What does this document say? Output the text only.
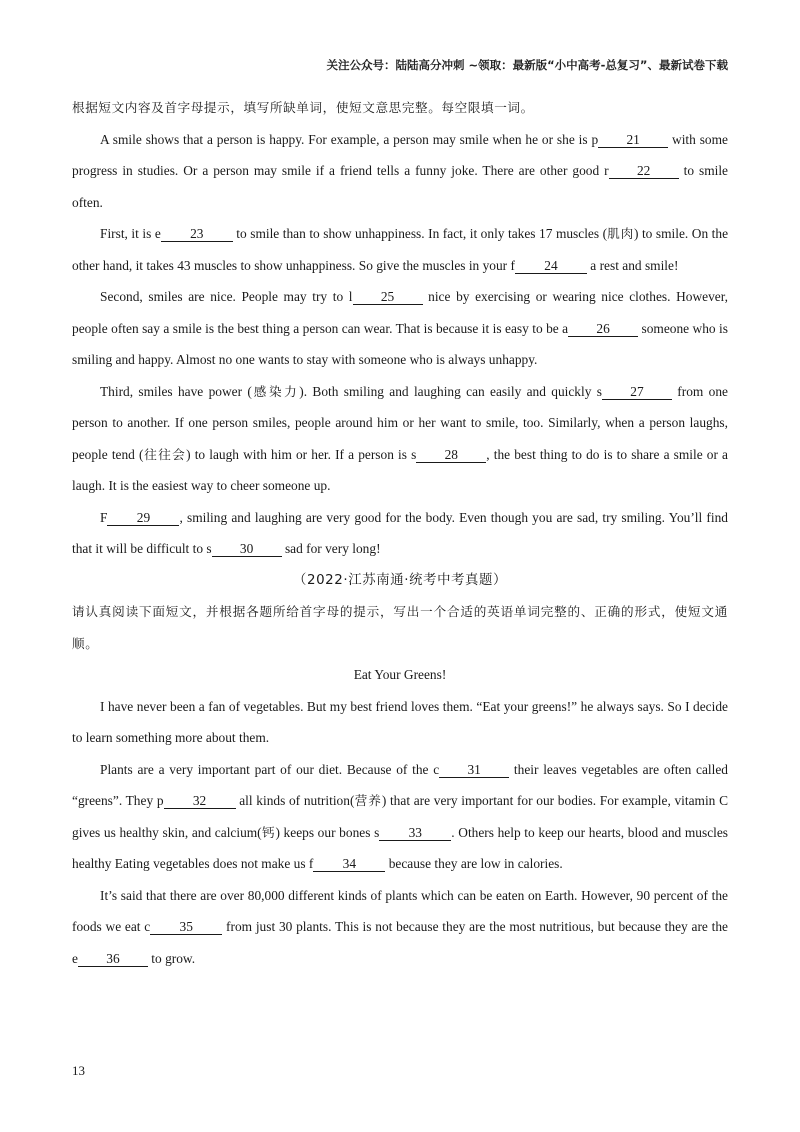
关注公众号：陆陆高分冲刺 ~领取：最新版“小中高考-总复习”、最新试卷下载

根据短文内容及首字母提示，填写所缺单词，使短文意思完整。每空限填一词。

A smile shows that a person is happy. For example, a person may smile when he or she is p 21 with some progress in studies. Or a person may smile if a friend tells a funny joke. There are other good r 22 to smile often.

First, it is e 23 to smile than to show unhappiness. In fact, it only takes 17 muscles (肌肉) to smile. On the other hand, it takes 43 muscles to show unhappiness. So give the muscles in your f 24 a rest and smile!

Second, smiles are nice. People may try to l 25 nice by exercising or wearing nice clothes. However, people often say a smile is the best thing a person can wear. That is because it is easy to be a 26 someone who is smiling and happy. Almost no one wants to stay with someone who is always unhappy.

Third, smiles have power (感染力). Both smiling and laughing can easily and quickly s 27 from one person to another. If one person smiles, people around him or her want to smile, too. Similarly, when a person laughs, people tend (往往会) to laugh with him or her. If a person is s 28 , the best thing to do is to share a smile or a laugh. It is the easiest way to cheer someone up.

F 29 , smiling and laughing are very good for the body. Even though you are sad, try smiling. You’ll find that it will be difficult to s 30 sad for very long!

（2022·江苏南通·统考中考真题）

请认真阅读下面短文，并根据各题所给首字母的提示，写出一个合适的英语单词完整的、正确的形式，使短文通顺。

Eat Your Greens!

I have never been a fan of vegetables. But my best friend loves them. “Eat your greens!” he always says. So I decide to learn something more about them.

Plants are a very important part of our diet. Because of the c 31 their leaves vegetables are often called “greens”. They p 32 all kinds of nutrition(营养) that are very important for our bodies. For example, vitamin C gives us healthy skin, and calcium(钙) keeps our bones s 33 . Others help to keep our hearts, blood and muscles healthy Eating vegetables does not make us f 34 because they are low in calories.

It’s said that there are over 80,000 different kinds of plants which can be eaten on Earth. However, 90 percent of the foods we eat c 35 from just 30 plants. This is not because they are the most nutritious, but because they are the e 36 to grow.

13
